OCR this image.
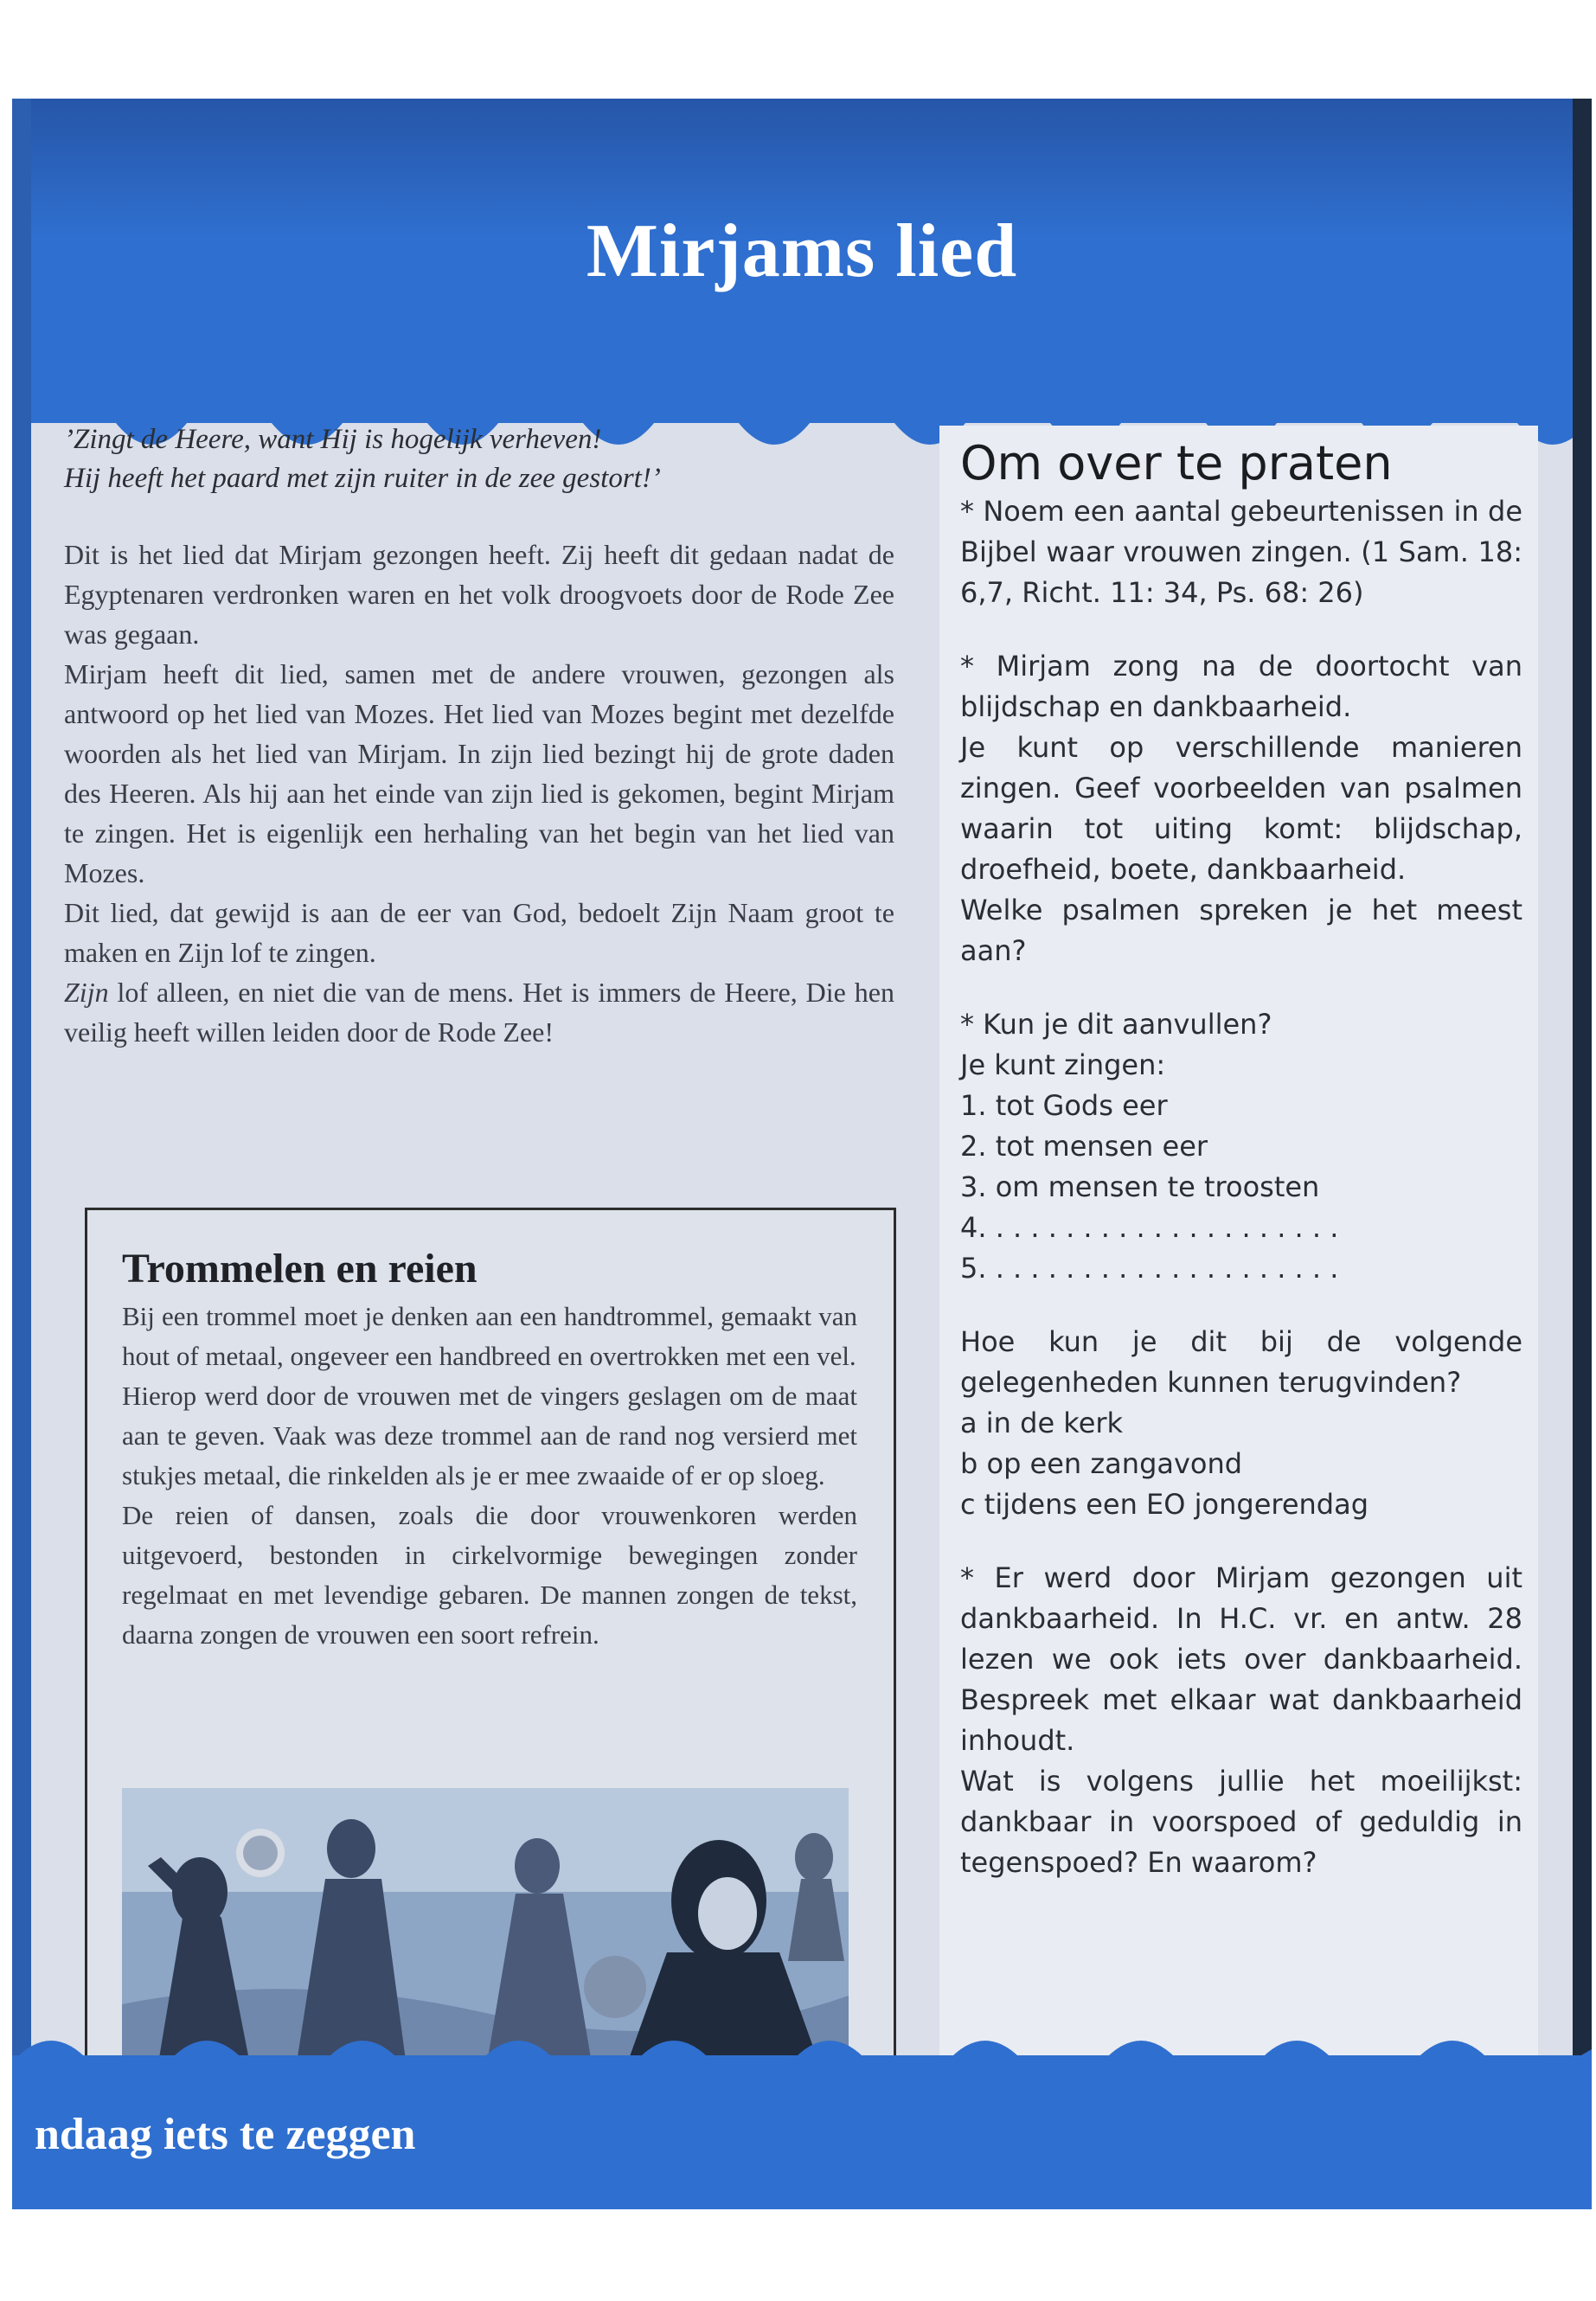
Mirjams lied
’Zingt de Heere, want Hij is hogelijk verheven!
Hij heeft het paard met zijn ruiter in de zee gestort!’

Dit is het lied dat Mirjam gezongen heeft. Zij heeft dit gedaan nadat de Egyptenaren verdronken waren en het volk droogvoets door de Rode Zee was gegaan.

Mirjam heeft dit lied, samen met de andere vrouwen, gezongen als antwoord op het lied van Mozes. Het lied van Mozes begint met dezelfde woorden als het lied van Mirjam. In zijn lied bezingt hij de grote daden des Heeren. Als hij aan het einde van zijn lied is gekomen, begint Mirjam te zingen. Het is eigenlijk een herhaling van het begin van het lied van Mozes.

Dit lied, dat gewijd is aan de eer van God, bedoelt Zijn Naam groot te maken en Zijn lof te zingen.

Zijn lof alleen, en niet die van de mens. Het is immers de Heere, Die hen veilig heeft willen leiden door de Rode Zee!

Trommelen en reien

Bij een trommel moet je denken aan een handtrommel, gemaakt van hout of metaal, ongeveer een handbreed en overtrokken met een vel.

Hierop werd door de vrouwen met de vingers geslagen om de maat aan te geven. Vaak was deze trommel aan de rand nog versierd met stukjes metaal, die rinkelden als je er mee zwaaide of er op sloeg.

De reien of dansen, zoals die door vrouwenkoren werden uitgevoerd, bestonden in cirkelvormige bewegingen zonder regelmaat en met levendige gebaren. De mannen zongen de tekst, daarna zongen de vrouwen een soort refrein.

Om over te praten

* Noem een aantal gebeurtenissen in de Bijbel waar vrouwen zingen. (1 Sam. 18: 6,7, Richt. 11: 34, Ps. 68: 26)

* Mirjam zong na de doortocht van blijdschap en dankbaarheid.

Je kunt op verschillende manieren zingen. Geef voorbeelden van psalmen waarin tot uiting komt: blijdschap, droefheid, boete, dankbaarheid.

Welke psalmen spreken je het meest aan?

* Kun je dit aanvullen?

Je kunt zingen:

1. tot Gods eer

2. tot mensen eer

3. om mensen te troosten

4. . . . . . . . . . . . . . . . . . . . .

5. . . . . . . . . . . . . . . . . . . . .

Hoe kun je dit bij de volgende gelegenheden kunnen terugvinden?

a in de kerk

b op een zangavond

c tijdens een EO jongerendag

* Er werd door Mirjam gezongen uit dankbaarheid. In H.C. vr. en antw. 28 lezen we ook iets over dankbaarheid. Bespreek met elkaar wat dankbaarheid inhoudt.

Wat is volgens jullie het moeilijkst: dankbaar in voorspoed of geduldig in tegenspoed? En waarom?

ndaag iets te zeggen
